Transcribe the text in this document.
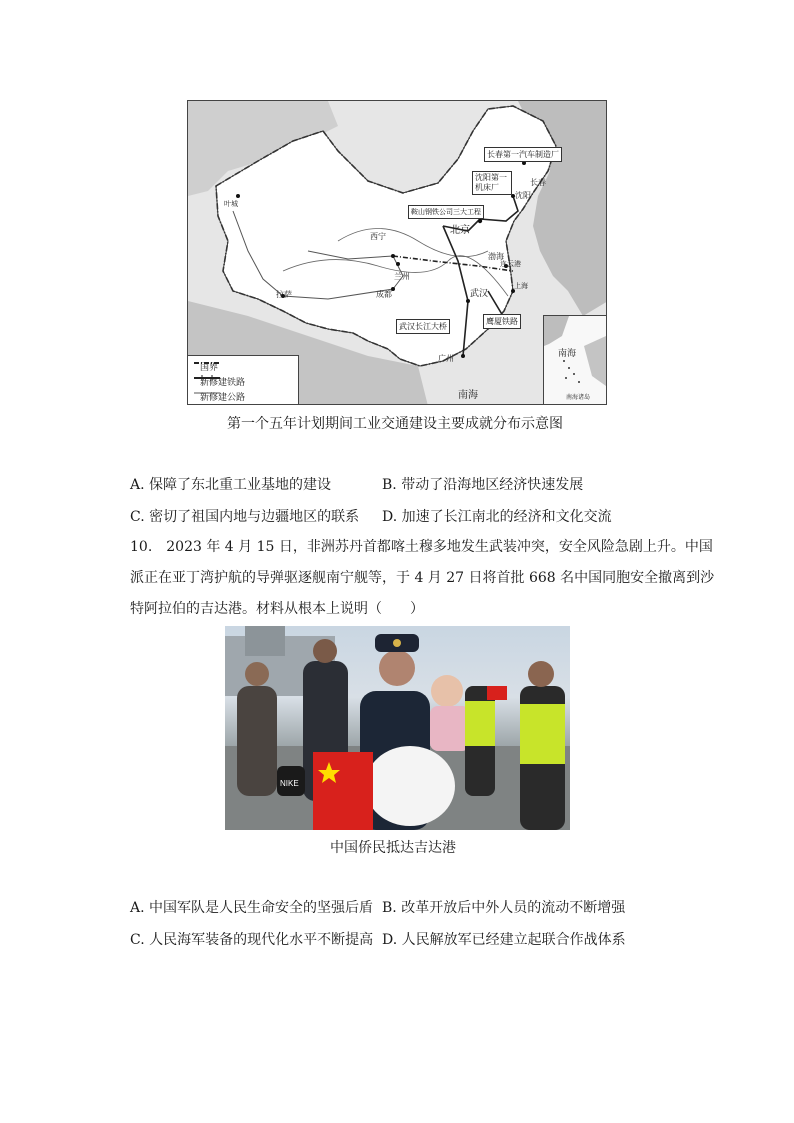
长春第一汽车制造厂
沈阳第一机床厂
鞍山钢铁公司三大工程
武汉长江大桥
鹰厦铁路
长春
沈阳
北京
渤海
西宁
兰州
成都
拉萨	武汉
上海
连云港
广州
叶城
南海
国界
新修建铁路
新修建公路
南海
南海诸岛
第一个五年计划期间工业交通建设主要成就分布示意图
A. 保障了东北重工业基地的建设	B. 带动了沿海地区经济快速发展
C. 密切了祖国内地与边疆地区的联系 D. 加速了长江南北的经济和文化交流
10.　2023 年 4 月 15 日，非洲苏丹首都喀土穆多地发生武装冲突，安全风险急剧上升。中国
派正在亚丁湾护航的导弹驱逐舰南宁舰等，于 4 月 27 日将首批 668 名中国同胞安全撤离到沙
特阿拉伯的吉达港。材料从根本上说明（　　）
NIKE
中国侨民抵达吉达港
A. 中国军队是人民生命安全的坚强后盾 B. 改革开放后中外人员的流动不断增强
C. 人民海军装备的现代化水平不断提高 D. 人民解放军已经建立起联合作战体系
